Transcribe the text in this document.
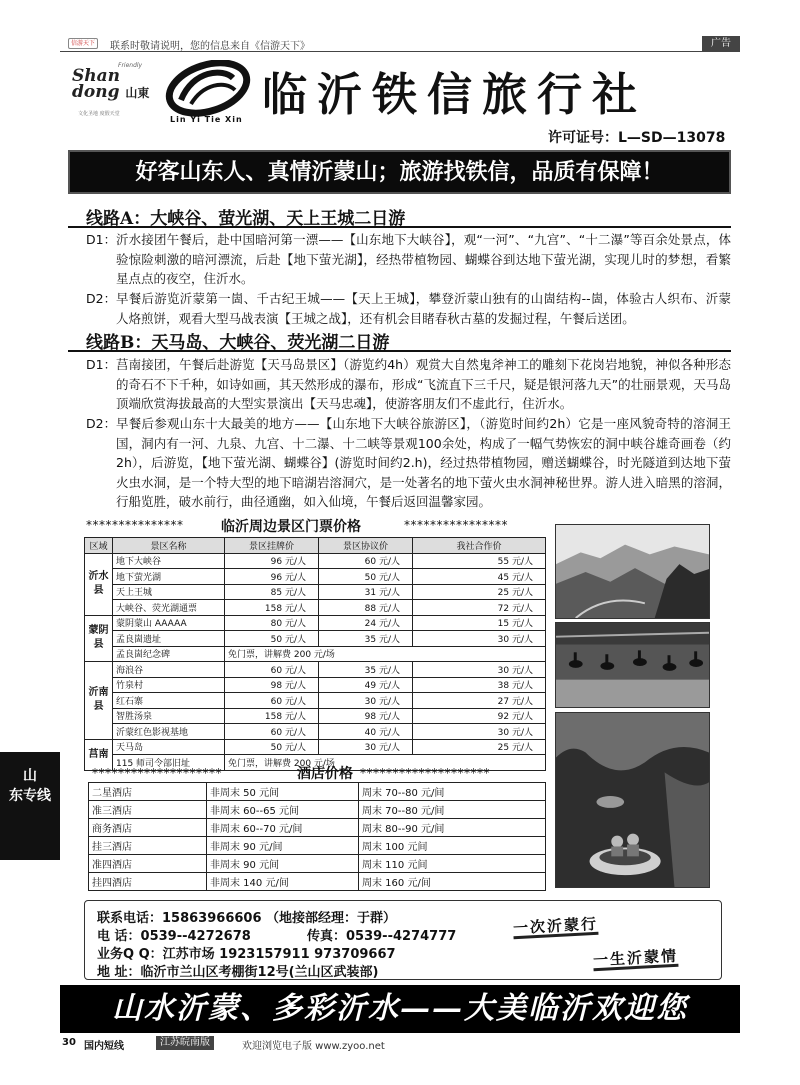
信游天下	联系时敬请说明，您的信息来自《信游天下》	广告
Friendly
Shan dong 山東
文化圣地 度假天堂
Lin Yi Tie Xin 临沂铁信旅行社
许可证号：L—SD—13078
好客山东人、真情沂蒙山；旅游找铁信，品质有保障！
线路A：大峡谷、萤光湖、天上王城二日游
D1： 沂水接团午餐后，赴中国暗河第一漂——【山东地下大峡谷】，观“一河”、“九宫”、“十二瀑”等百余处景点，体验惊险刺激的暗河漂流，后赴【地下萤光湖】，经热带植物园、蝴蝶谷到达地下萤光湖，实现儿时的梦想，看繁星点点的夜空，住沂水。
D2： 早餐后游览沂蒙第一崮、千古纪王城——【天上王城】，攀登沂蒙山独有的山崮结构--崮，体验古人织布、沂蒙人烙煎饼，观看大型马战表演【王城之战】，还有机会目睹春秋古墓的发掘过程，午餐后送团。
线路B：天马岛、大峡谷、荧光湖二日游
D1： 莒南接团，午餐后赴游览【天马岛景区】（游览约4h）观赏大自然鬼斧神工的雕刻下花岗岩地貌，神似各种形态的奇石不下千种，如诗如画，其天然形成的瀑布，形成“飞流直下三千尺，疑是银河落九天”的壮丽景观，天马岛顶端欣赏海拔最高的大型实景演出【天马忠魂】，使游客朋友们不虚此行，住沂水。
D2： 早餐后参观山东十大最美的地方——【山东地下大峡谷旅游区】，（游览时间约2h）它是一座风貌奇特的溶洞王国，洞内有一河、九泉、九宫、十二瀑、十二峡等景观100余处，构成了一幅气势恢宏的洞中峡谷雄奇画卷（约2h），后游览，【地下萤光湖、蝴蝶谷】(游览时间约2.h)，经过热带植物园，赠送蝴蝶谷，时光隧道到达地下萤火虫水洞，是一个特大型的地下暗湖岩溶洞穴，是一处著名的地下萤火虫水洞神秘世界。游人进入暗黑的溶洞，行船览胜，破水前行，曲径通幽，如入仙境，午餐后返回温馨家园。
***************	临沂周边景区门票价格	****************
区域	景区名称	景区挂牌价	景区协议价	我社合作价
沂水县	地下大峡谷	96 元/人	60 元/人	55 元/人
	地下萤光湖	96 元/人	50 元/人	45 元/人
	天上王城	85 元/人	31 元/人	25 元/人
	大峡谷、荧光湖通票	158 元/人	88 元/人	72 元/人
蒙阴县	蒙阴蒙山 AAAAA	80 元/人	24 元/人	15 元/人
	孟良崮遗址	50 元/人	35 元/人	30 元/人
	孟良崮纪念碑	免门票，讲解费 200 元/场		
沂南县	海浪谷	60 元/人	35 元/人	30 元/人
	竹泉村	98 元/人	49 元/人	38 元/人
	红石寨	60 元/人	30 元/人	27 元/人
	智胜汤泉	158 元/人	98 元/人	92 元/人
	沂蒙红色影视基地	60 元/人	40 元/人	30 元/人
莒南	天马岛	50 元/人	30 元/人	25 元/人
	115 师司令部旧址	免门票，讲解费 200 元/场		
********************	酒店价格 ********************
二星酒店	非周末 50 元间	周末 70--80 元/间
准三酒店	非周末 60--65 元间	周末 70--80 元/间
商务酒店	非周末 60--70 元/间	周末 80--90 元/间
挂三酒店	非周末 90 元/间	周末 100 元间
准四酒店	非周末 90 元间	周末 110 元间
挂四酒店	非周末 140 元/间	周末 160 元/间
联系电话：15863966606 （地接部经理：于群）
电 话：0539--4272678	传真：0539--4274777
业务Q Q：江苏市场 1923157911 973709667
地 址：临沂市兰山区考棚街12号(兰山区武装部)
一次沂蒙行
一生沂蒙情
山水沂蒙、多彩沂水——大美临沂欢迎您
30 国内短线	江苏皖南版	欢迎浏览电子版 www.zyoo.net
山
东专线
